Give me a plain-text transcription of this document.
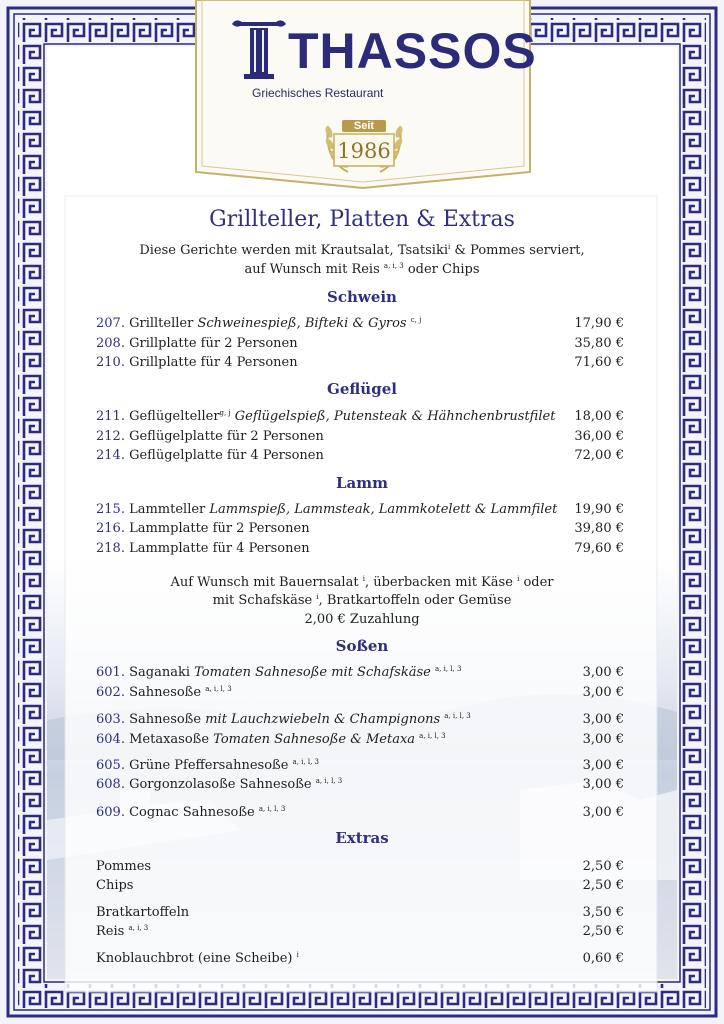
THASSOS
Griechisches Restaurant
Seit
1986
Grillteller, Platten & Extras
Diese Gerichte werden mit Krautsalat, Tsatsiki$^i$ & Pommes serviert,
auf Wunsch mit Reis $^{a, i, 3}$ oder Chips
Schwein
207. Grillteller Schweinespieß, Bifteki & Gyros $^{c, j}$	17,90 €
208. Grillplatte für 2 Personen	35,80 €
210. Grillplatte für 4 Personen	71,60 €
Geflügel
211. Geflügelteller$^{g, j}$ Geflügelspieß, Putensteak & Hähnchenbrustfilet 18,00 €
212. Geflügelplatte für 2 Personen	36,00 €
214. Geflügelplatte für 4 Personen	72,00 €
Lamm
215. Lammteller Lammspieß, Lammsteak, Lammkotelett & Lammfilet 19,90 €
216. Lammplatte für 2 Personen	39,80 €
218. Lammplatte für 4 Personen	79,60 €
Auf Wunsch mit Bauernsalat $^i$, überbacken mit Käse $^i$ oder
mit Schafskäse $^i$, Bratkartoffeln oder Gemüse
2,00 € Zuzahlung
Soßen
601. Saganaki Tomaten Sahnesoße mit Schafskäse $^{a, i, l, 3}$	3,00 €
602. Sahnesoße $^{a, i, l, 3}$	3,00 €
603. Sahnesoße mit Lauchzwiebeln & Champignons $^{a, i, l, 3}$	3,00 €
604. Metaxasoße Tomaten Sahnesoße & Metaxa $^{a, i, l, 3}$	3,00 €
605. Grüne Pfeffersahnesoße $^{a, i, l, 3}$	3,00 €
608. Gorgonzolasoße Sahnesoße $^{a, i, l, 3}$	3,00 €
609. Cognac Sahnesoße $^{a, i, l, 3}$	3,00 €
Extras
Pommes	2,50 €
Chips	2,50 €
Bratkartoffeln	3,50 €
Reis $^{a, i, 3}$	2,50 €
Knoblauchbrot (eine Scheibe) $^i$	0,60 €
